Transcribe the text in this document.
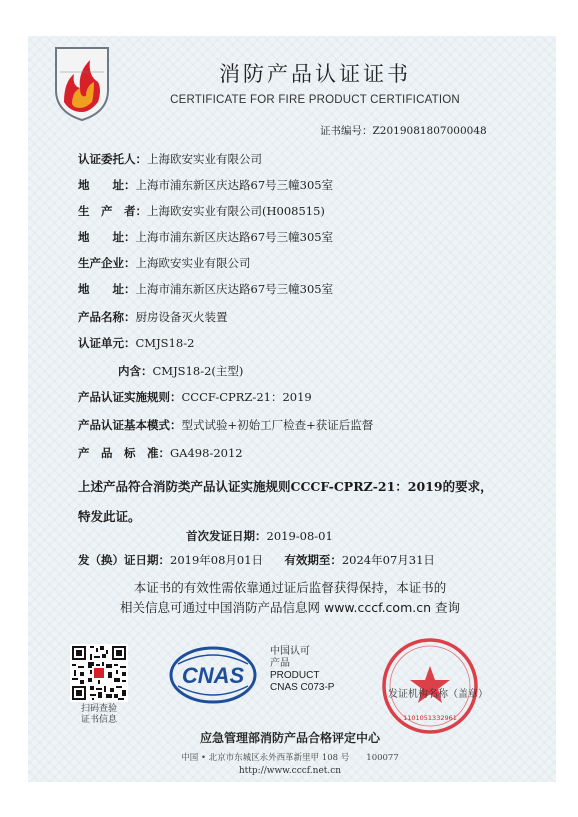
消防产品认证证书
CERTIFICATE FOR FIRE PRODUCT CERTIFICATION
证书编号：Z2019081807000048
认证委托人：上海欧安实业有限公司
地　　址：上海市浦东新区庆达路67号三幢305室
生　产　者：上海欧安实业有限公司(H008515)
地　　址：上海市浦东新区庆达路67号三幢305室
生产企业：上海欧安实业有限公司
地　　址：上海市浦东新区庆达路67号三幢305室
产品名称：厨房设备灭火装置
认证单元：CMJS18-2
内含：CMJS18-2(主型)
产品认证实施规则：CCCF-CPRZ-21：2019
产品认证基本模式：型式试验+初始工厂检查+获证后监督
产　品　标　准：GA498-2012
上述产品符合消防类产品认证实施规则CCCF-CPRZ-21：2019的要求，特发此证。
首次发证日期：2019-08-01
发（换）证日期：2019年08月01日 有效期至：2024年07月31日
本证书的有效性需依靠通过证后监督获得保持，本证书的
相关信息可通过中国消防产品信息网 www.cccf.com.cn 查询
扫码查验
证书信息
CNAS
中国认可
产品
PRODUCT
CNAS C073-P
1101051332961
发证机构名称（盖章）
应急管理部消防产品合格评定中心
中国 • 北京市东城区永外西革新里甲 108 号　　100077
http://www.cccf.net.cn
